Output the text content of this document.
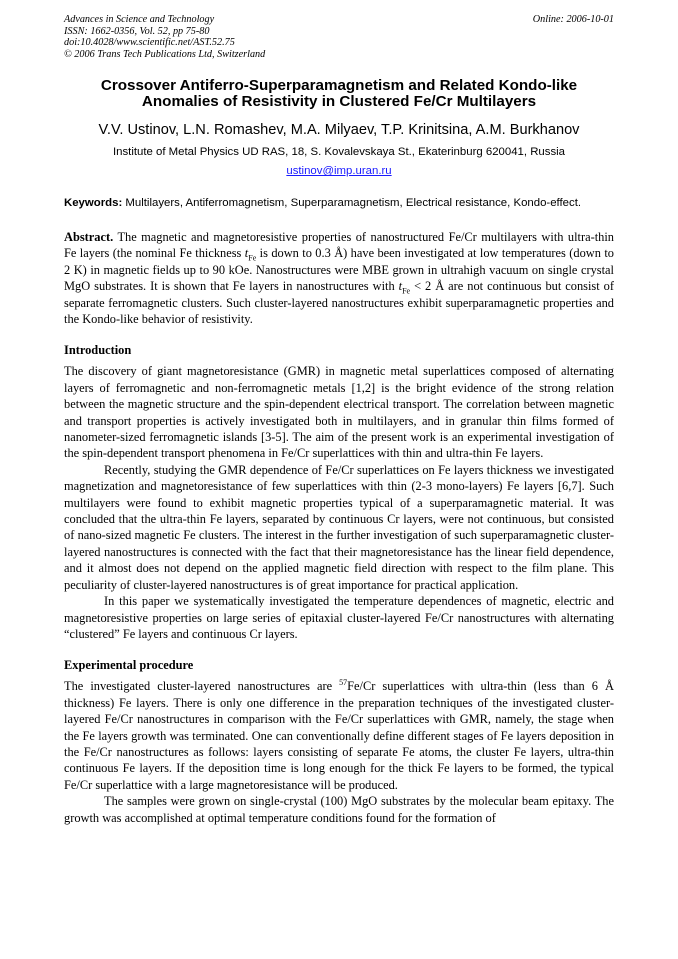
Advances in Science and Technology
ISSN: 1662-0356, Vol. 52, pp 75-80
doi:10.4028/www.scientific.net/AST.52.75
© 2006 Trans Tech Publications Ltd, Switzerland
Online: 2006-10-01
Crossover Antiferro-Superparamagnetism and Related Kondo-like
Anomalies of Resistivity in Clustered Fe/Cr Multilayers
V.V. Ustinov, L.N. Romashev, M.A. Milyaev, T.P. Krinitsina, A.M. Burkhanov
Institute of Metal Physics UD RAS, 18, S. Kovalevskaya St., Ekaterinburg 620041, Russia
ustinov@imp.uran.ru
Keywords: Multilayers, Antiferromagnetism, Superparamagnetism, Electrical resistance, Kondo-effect.
Abstract. The magnetic and magnetoresistive properties of nanostructured Fe/Cr multilayers with ultra-thin Fe layers (the nominal Fe thickness $t_{Fe}$ is down to 0.3 Å) have been investigated at low temperatures (down to 2 K) in magnetic fields up to 90 kOe. Nanostructures were MBE grown in ultrahigh vacuum on single crystal MgO substrates. It is shown that Fe layers in nanostructures with $t_{Fe} < 2$ Å are not continuous but consist of separate ferromagnetic clusters. Such cluster-layered nanostructures exhibit superparamagnetic properties and the Kondo-like behavior of resistivity.
Introduction

The discovery of giant magnetoresistance (GMR) in magnetic metal superlattices composed of alternating layers of ferromagnetic and non-ferromagnetic metals [1,2] is the bright evidence of the strong relation between the magnetic structure and the spin-dependent electrical transport. The correlation between magnetic and transport properties is actively investigated both in multilayers, and in granular thin films formed of nanometer-sized ferromagnetic islands [3-5]. The aim of the present work is an experimental investigation of the spin-dependent transport phenomena in Fe/Cr superlattices with thin and ultra-thin Fe layers.

Recently, studying the GMR dependence of Fe/Cr superlattices on Fe layers thickness we investigated magnetization and magnetoresistance of few superlattices with thin (2-3 mono-layers) Fe layers [6,7]. Such multilayers were found to exhibit magnetic properties typical of a superparamagnetic material. It was concluded that the ultra-thin Fe layers, separated by continuous Cr layers, were not continuous, but consisted of nano-sized magnetic Fe clusters. The interest in the further investigation of such superparamagnetic cluster-layered nanostructures is connected with the fact that their magnetoresistance has the linear field dependence, and it almost does not depend on the applied magnetic field direction with respect to the film plane. This peculiarity of cluster-layered nanostructures is of great importance for practical application.

In this paper we systematically investigated the temperature dependences of magnetic, electric and magnetoresistive properties on large series of epitaxial cluster-layered Fe/Cr nanostructures with alternating “clustered” Fe layers and continuous Cr layers.

Experimental procedure

The investigated cluster-layered nanostructures are $^{57}$Fe/Cr superlattices with ultra-thin (less than 6 Å thickness) Fe layers. There is only one difference in the preparation techniques of the investigated cluster-layered Fe/Cr nanostructures in comparison with the Fe/Cr superlattices with GMR, namely, the stage when the Fe layers growth was terminated. One can conventionally define different stages of Fe layers deposition in the Fe/Cr nanostructures as follows: layers consisting of separate Fe atoms, the cluster Fe layers, ultra-thin continuous Fe layers. If the deposition time is long enough for the thick Fe layers to be formed, the typical Fe/Cr superlattice with a large magnetoresistance will be produced.

The samples were grown on single-crystal (100) MgO substrates by the molecular beam epitaxy. The growth was accomplished at optimal temperature conditions found for the formation of
